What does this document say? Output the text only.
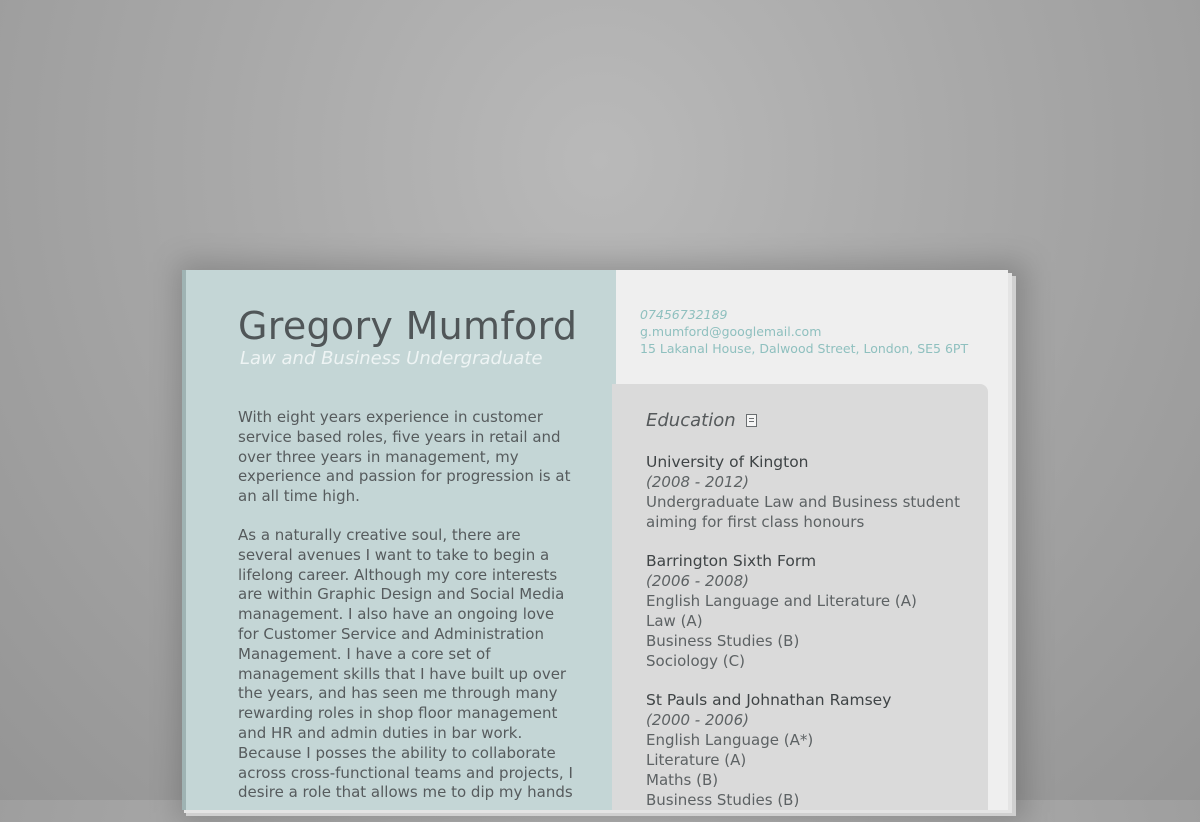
Gregory Mumford
Law and Business Undergraduate

With eight years experience in customer service based roles, five years in retail and over three years in management, my experience and passion for progression is at an all time high.

As a naturally creative soul, there are several avenues I want to take to begin a lifelong career. Although my core interests are within Graphic Design and Social Media management. I also have an ongoing love for Customer Service and Administration Management. I have a core set of management skills that I have built up over the years, and has seen me through many rewarding roles in shop floor management and HR and admin duties in bar work. Because I posses the ability to collaborate across cross-functional teams and projects, I desire a role that allows me to dip my hands

07456732189
g.mumford@googlemail.com
15 Lakanal House, Dalwood Street, London, SE5 6PT
Education
University of Kington
(2008 - 2012)
Undergraduate Law and Business student
aiming for first class honours
Barrington Sixth Form
(2006 - 2008)
English Language and Literature (A)
Law (A)
Business Studies (B)
Sociology (C)
St Pauls and Johnathan Ramsey
(2000 - 2006)
English Language (A*)
Literature (A)
Maths (B)
Business Studies (B)
